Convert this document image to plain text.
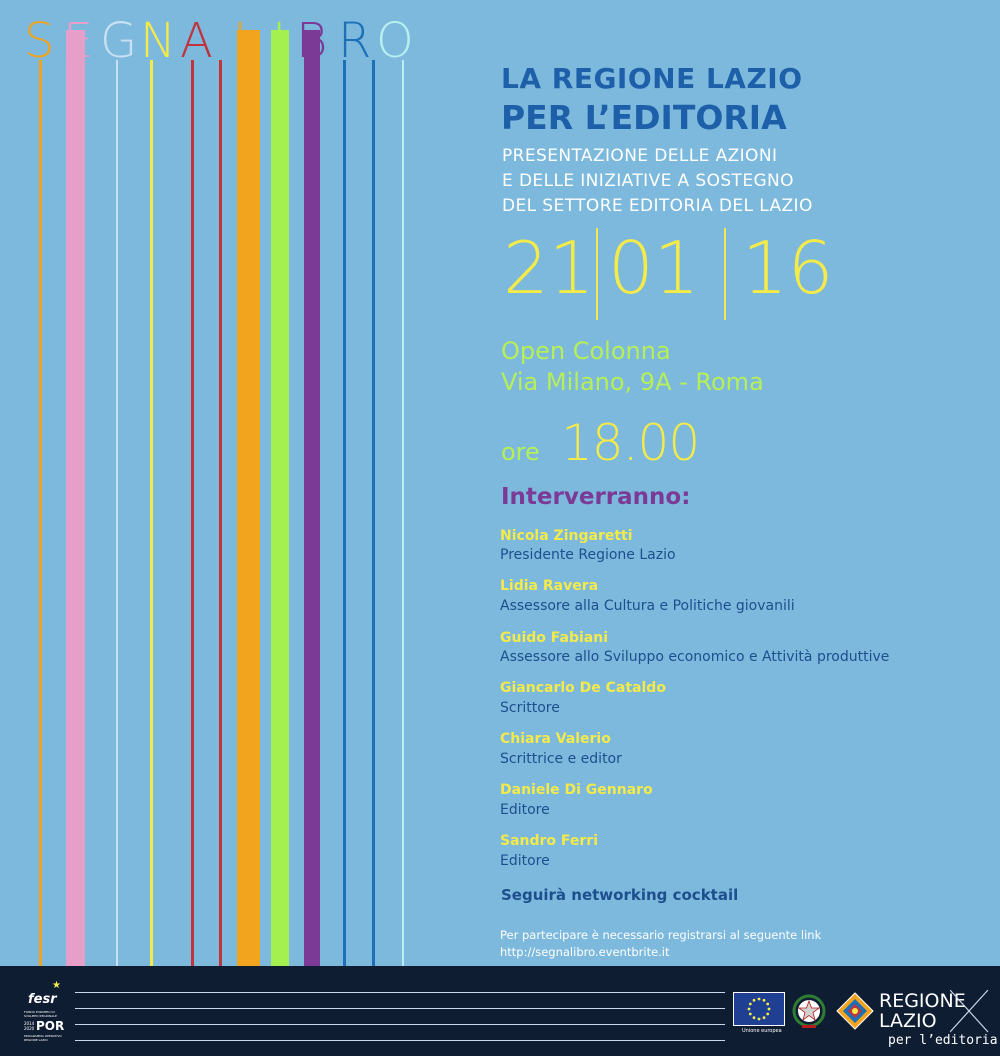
S E G N A L I B R O
LA REGIONE LAZIO
PER L’EDITORIA
PRESENTAZIONE DELLE AZIONI
E DELLE INIZIATIVE A SOSTEGNO
DEL SETTORE EDITORIA DEL LAZIO
21 01 16
Open Colonna
Via Milano, 9A - Roma
ore 18.00
Interverranno:
Nicola Zingaretti
Presidente Regione Lazio
Lidia Ravera
Assessore alla Cultura e Politiche giovanili
Guido Fabiani
Assessore allo Sviluppo economico e Attività produttive
Giancarlo De Cataldo
Scrittore
Chiara Valerio
Scrittrice e editor
Daniele Di Gennaro
Editore
Sandro Ferri
Editore
Seguirà networking cocktail
Per partecipare è necessario registrarsi al seguente link
http://segnalibro.eventbrite.it
fesr
★
FONDO EUROPEO DI SVILUPPO REGIONALE
2014 2020 POR
PROGRAMMA OPERATIVO REGIONE LAZIO
Unione europea
REGIONE
LAZIO
per l’editoria
